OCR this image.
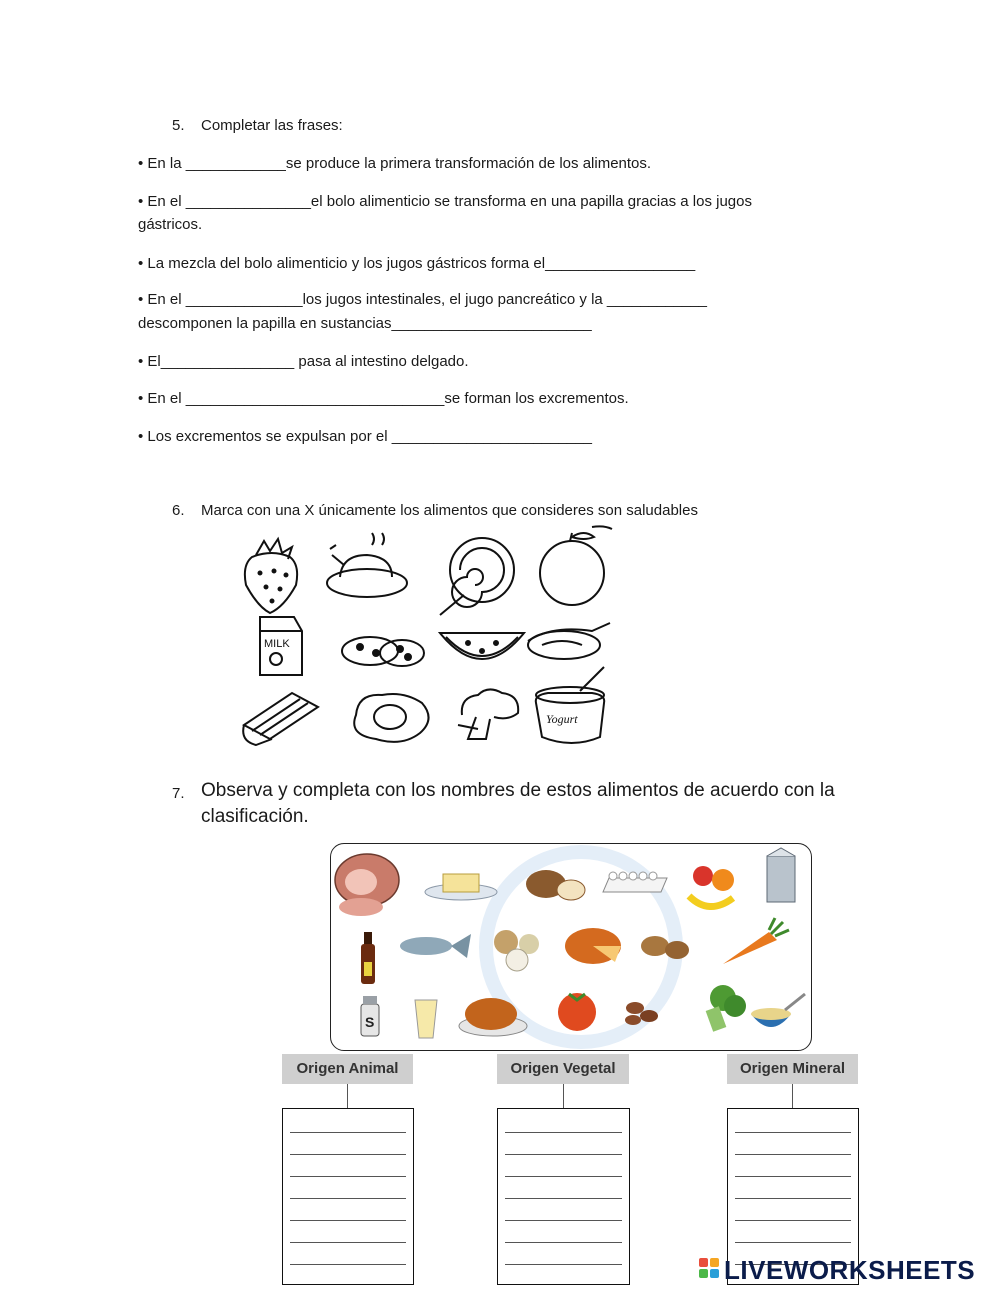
5. Completar las frases:
• En la ____________se produce la primera transformación de los alimentos.
• En el _______________el bolo alimenticio se transforma en una papilla gracias a los jugos
gástricos.
• La mezcla del bolo alimenticio y los jugos gástricos forma el__________________
• En el ______________los jugos intestinales, el jugo pancreático y la ____________
descomponen la papilla en sustancias________________________
• El________________ pasa al intestino delgado.
• En el _______________________________se forman los excrementos.
• Los excrementos se expulsan por el ________________________
6. Marca con una X únicamente los alimentos que consideres son saludables
MILK
Yogurt
7. Observa y completa con los nombres de estos alimentos de acuerdo con la
clasificación.
S
Origen Animal	Origen Vegetal	Origen Mineral
LIVEWORKSHEETS
